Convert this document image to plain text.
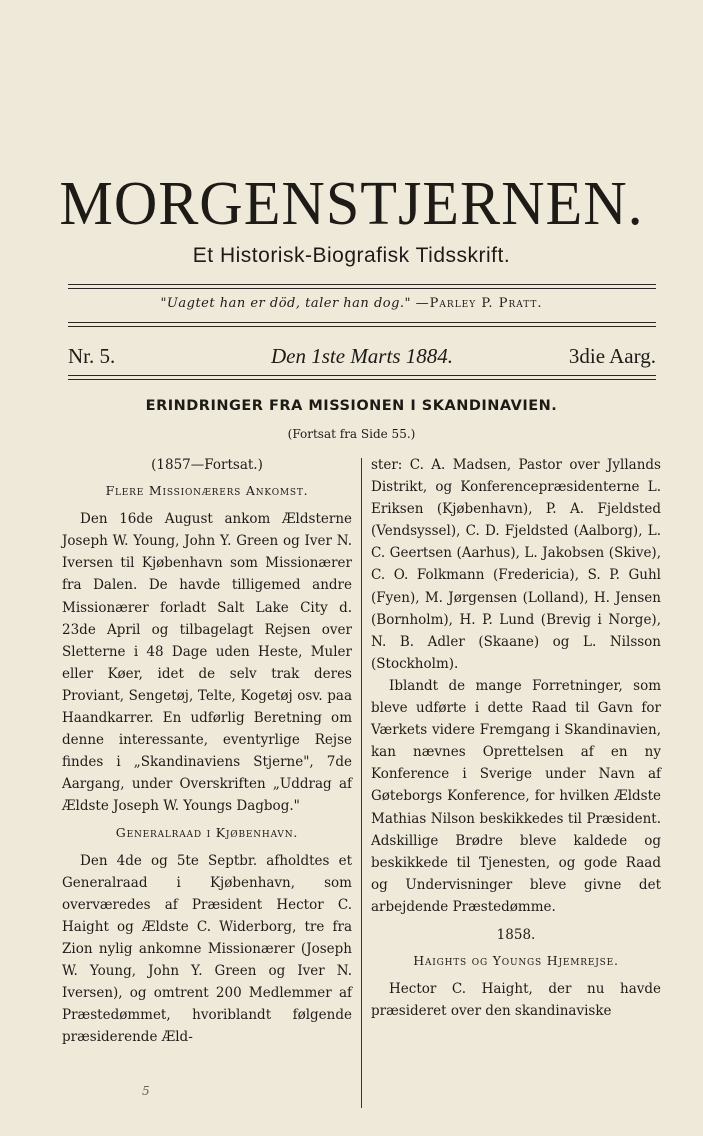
MORGENSTJERNEN.
Et Historisk-Biografisk Tidsskrift.
"Uagtet han er död, taler han dog." —Parley P. Pratt.
Nr. 5.	Den 1ste Marts 1884.	3die Aarg.
ERINDRINGER FRA MISSIONEN I SKANDINAVIEN.
(Fortsat fra Side 55.)

(1857—Fortsat.)

Flere Missionærers Ankomst.

Den 16de August ankom Ældsterne Joseph W. Young, John Y. Green og Iver N. Iversen til Kjøbenhavn som Missionærer fra Dalen. De havde tilligemed andre Missionærer forladt Salt Lake City d. 23de April og tilbagelagt Rejsen over Sletterne i 48 Dage uden Heste, Muler eller Køer, idet de selv trak deres Proviant, Sengetøj, Telte, Kogetøj osv. paa Haandkarrer. En udførlig Beretning om denne interessante, eventyrlige Rejse findes i „Skandinaviens Stjerne", 7de Aargang, under Overskriften „Uddrag af Ældste Joseph W. Youngs Dagbog."

Generalraad i Kjøbenhavn.

Den 4de og 5te Septbr. afholdtes et Generalraad i Kjøbenhavn, som overværedes af Præsident Hector C. Haight og Ældste C. Widerborg, tre fra Zion nylig ankomne Missionærer (Joseph W. Young, John Y. Green og Iver N. Iversen), og omtrent 200 Medlemmer af Præstedømmet, hvoriblandt følgende præsiderende Æld-

ster: C. A. Madsen, Pastor over Jyllands Distrikt, og Konferencepræsidenterne L. Eriksen (Kjøbenhavn), P. A. Fjeldsted (Vendsyssel), C. D. Fjeldsted (Aalborg), L. C. Geertsen (Aarhus), L. Jakobsen (Skive), C. O. Folkmann (Fredericia), S. P. Guhl (Fyen), M. Jørgensen (Lolland), H. Jensen (Bornholm), H. P. Lund (Brevig i Norge), N. B. Adler (Skaane) og L. Nilsson (Stockholm).

Iblandt de mange Forretninger, som bleve udførte i dette Raad til Gavn for Værkets videre Fremgang i Skandinavien, kan nævnes Oprettelsen af en ny Konference i Sverige under Navn af Gøteborgs Konference, for hvilken Ældste Mathias Nilson beskikkedes til Præsident. Adskillige Brødre bleve kaldede og beskikkede til Tjenesten, og gode Raad og Undervisninger bleve givne det arbejdende Præstedømme.

1858.

Haights og Youngs Hjemrejse.

Hector C. Haight, der nu havde præsideret over den skandinaviske

5
